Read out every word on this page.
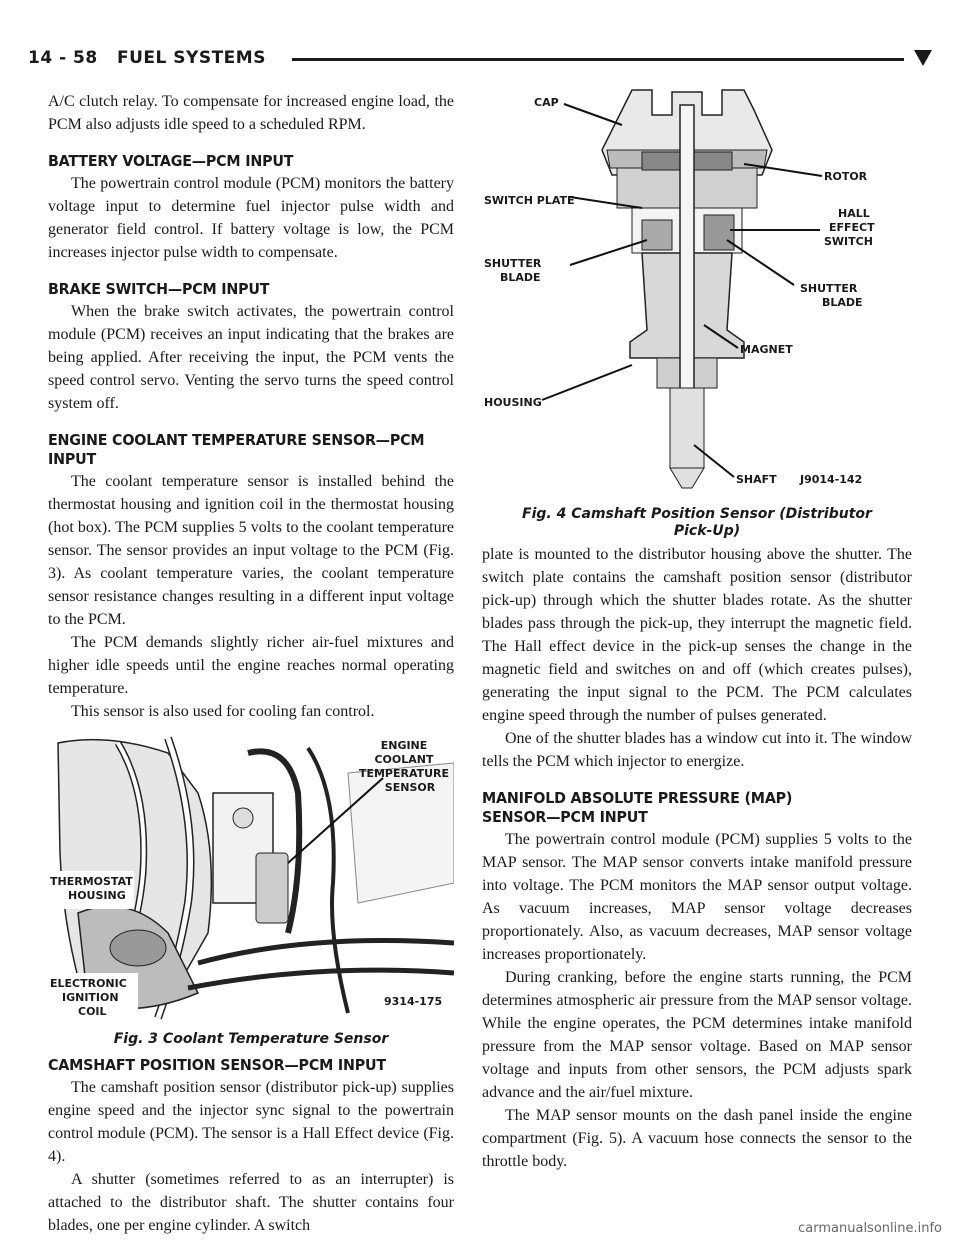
14 - 58 FUEL SYSTEMS

A/C clutch relay. To compensate for increased engine load, the PCM also adjusts idle speed to a scheduled RPM.

BATTERY VOLTAGE—PCM INPUT

The powertrain control module (PCM) monitors the battery voltage input to determine fuel injector pulse width and generator field control. If battery voltage is low, the PCM increases injector pulse width to compensate.

BRAKE SWITCH—PCM INPUT

When the brake switch activates, the powertrain control module (PCM) receives an input indicating that the brakes are being applied. After receiving the input, the PCM vents the speed control servo. Venting the servo turns the speed control system off.

ENGINE COOLANT TEMPERATURE SENSOR—PCM INPUT

The coolant temperature sensor is installed behind the thermostat housing and ignition coil in the thermostat housing (hot box). The PCM supplies 5 volts to the coolant temperature sensor. The sensor provides an input voltage to the PCM (Fig. 3). As coolant temperature varies, the coolant temperature sensor resistance changes resulting in a different input voltage to the PCM.

The PCM demands slightly richer air-fuel mixtures and higher idle speeds until the engine reaches normal operating temperature.

This sensor is also used for cooling fan control.

ENGINE
COOLANT
TEMPERATURE
SENSOR
THERMOSTAT
HOUSING
ELECTRONIC
IGNITION
COIL
9314-175
Fig. 3 Coolant Temperature Sensor
CAMSHAFT POSITION SENSOR—PCM INPUT

The camshaft position sensor (distributor pick-up) supplies engine speed and the injector sync signal to the powertrain control module (PCM). The sensor is a Hall Effect device (Fig. 4).

A shutter (sometimes referred to as an interrupter) is attached to the distributor shaft. The shutter contains four blades, one per engine cylinder. A switch

CAP
ROTOR
SWITCH PLATE
HALL
EFFECT
SWITCH
SHUTTER
BLADE
SHUTTER
BLADE
MAGNET
HOUSING
SHAFT J9014-142
Fig. 4 Camshaft Position Sensor (Distributor
Pick-Up)

plate is mounted to the distributor housing above the shutter. The switch plate contains the camshaft position sensor (distributor pick-up) through which the shutter blades rotate. As the shutter blades pass through the pick-up, they interrupt the magnetic field. The Hall effect device in the pick-up senses the change in the magnetic field and switches on and off (which creates pulses), generating the input signal to the PCM. The PCM calculates engine speed through the number of pulses generated.

One of the shutter blades has a window cut into it. The window tells the PCM which injector to energize.

MANIFOLD ABSOLUTE PRESSURE (MAP) SENSOR—PCM INPUT

The powertrain control module (PCM) supplies 5 volts to the MAP sensor. The MAP sensor converts intake manifold pressure into voltage. The PCM monitors the MAP sensor output voltage. As vacuum increases, MAP sensor voltage decreases proportionately. Also, as vacuum decreases, MAP sensor voltage increases proportionately.

During cranking, before the engine starts running, the PCM determines atmospheric air pressure from the MAP sensor voltage. While the engine operates, the PCM determines intake manifold pressure from the MAP sensor voltage. Based on MAP sensor voltage and inputs from other sensors, the PCM adjusts spark advance and the air/fuel mixture.

The MAP sensor mounts on the dash panel inside the engine compartment (Fig. 5). A vacuum hose connects the sensor to the throttle body.

carmanualsonline.info
